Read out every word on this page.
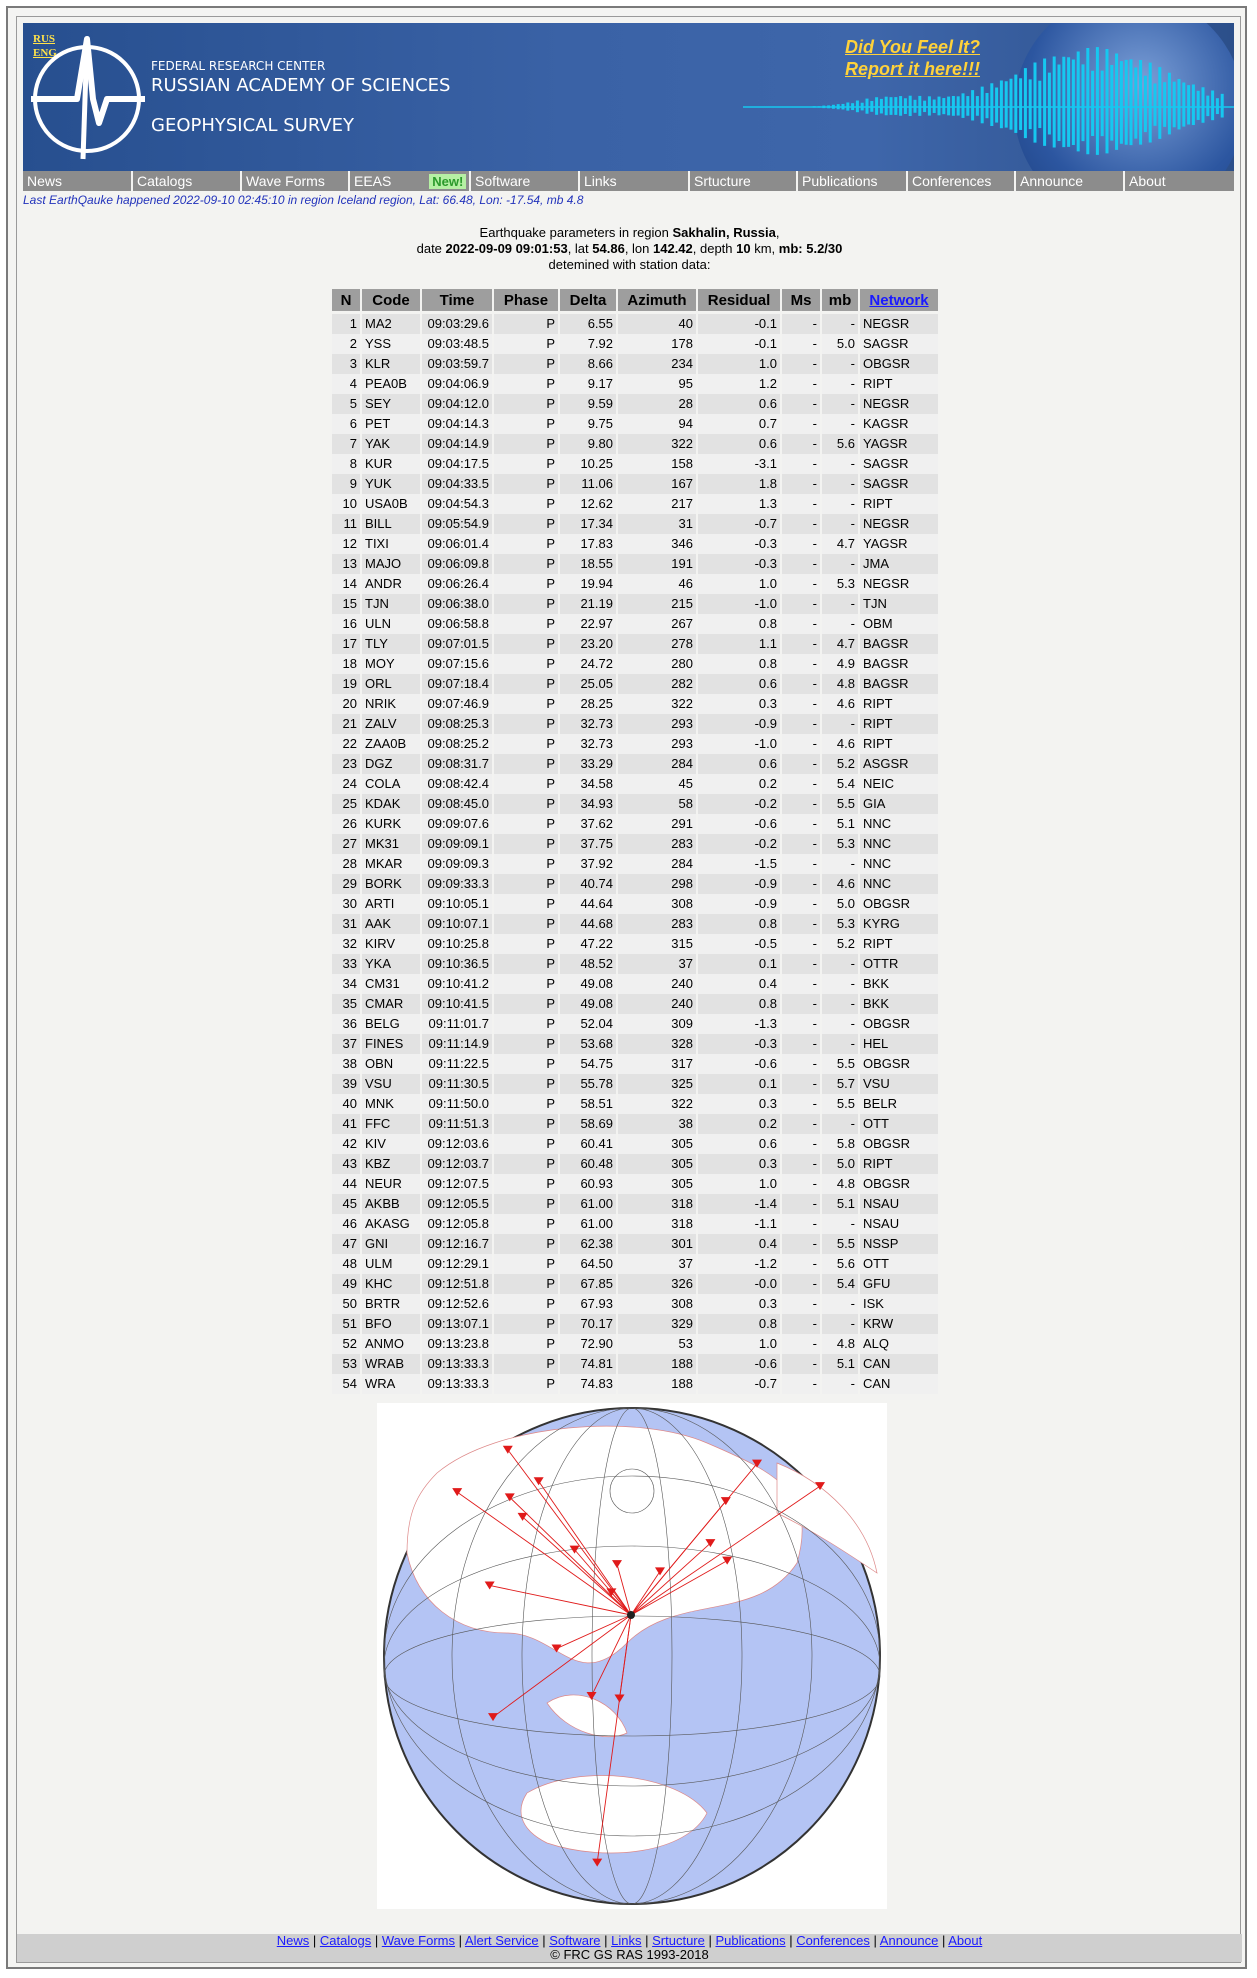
RUS
ENG
FEDERAL RESEARCH CENTER
RUSSIAN ACADEMY OF SCIENCES
GEOPHYSICAL SURVEY
Did You Feel It?
Report it here!!!
News	Catalogs	Wave Forms	EEAS	New! Software	Links	Srtucture	Publications	Conferences	Announce	About
Last EarthQauke happened 2022-09-10 02:45:10 in region Iceland region, Lat: 66.48, Lon: -17.54, mb 4.8
Earthquake parameters in region Sakhalin, Russia,
date 2022-09-09 09:01:53, lat 54.86, lon 142.42, depth 10 km, mb: 5.2/30
detemined with station data:
N	Code	Time	Phase	Delta	Azimuth	Residual	Ms	mb	Network
1	MA2	09:03:29.6	P	6.55	40	-0.1	-	-	NEGSR
2	YSS	09:03:48.5	P	7.92	178	-0.1	-	5.0	SAGSR
3	KLR	09:03:59.7	P	8.66	234	1.0	-	-	OBGSR
4	PEA0B	09:04:06.9	P	9.17	95	1.2	-	-	RIPT
5	SEY	09:04:12.0	P	9.59	28	0.6	-	-	NEGSR
6	PET	09:04:14.3	P	9.75	94	0.7	-	-	KAGSR
7	YAK	09:04:14.9	P	9.80	322	0.6	-	5.6	YAGSR
8	KUR	09:04:17.5	P	10.25	158	-3.1	-	-	SAGSR
9	YUK	09:04:33.5	P	11.06	167	1.8	-	-	SAGSR
10	USA0B	09:04:54.3	P	12.62	217	1.3	-	-	RIPT
11	BILL	09:05:54.9	P	17.34	31	-0.7	-	-	NEGSR
12	TIXI	09:06:01.4	P	17.83	346	-0.3	-	4.7	YAGSR
13	MAJO	09:06:09.8	P	18.55	191	-0.3	-	-	JMA
14	ANDR	09:06:26.4	P	19.94	46	1.0	-	5.3	NEGSR
15	TJN	09:06:38.0	P	21.19	215	-1.0	-	-	TJN
16	ULN	09:06:58.8	P	22.97	267	0.8	-	-	OBM
17	TLY	09:07:01.5	P	23.20	278	1.1	-	4.7	BAGSR
18	MOY	09:07:15.6	P	24.72	280	0.8	-	4.9	BAGSR
19	ORL	09:07:18.4	P	25.05	282	0.6	-	4.8	BAGSR
20	NRIK	09:07:46.9	P	28.25	322	0.3	-	4.6	RIPT
21	ZALV	09:08:25.3	P	32.73	293	-0.9	-	-	RIPT
22	ZAA0B	09:08:25.2	P	32.73	293	-1.0	-	4.6	RIPT
23	DGZ	09:08:31.7	P	33.29	284	0.6	-	5.2	ASGSR
24	COLA	09:08:42.4	P	34.58	45	0.2	-	5.4	NEIC
25	KDAK	09:08:45.0	P	34.93	58	-0.2	-	5.5	GIA
26	KURK	09:09:07.6	P	37.62	291	-0.6	-	5.1	NNC
27	MK31	09:09:09.1	P	37.75	283	-0.2	-	5.3	NNC
28	MKAR	09:09:09.3	P	37.92	284	-1.5	-	-	NNC
29	BORK	09:09:33.3	P	40.74	298	-0.9	-	4.6	NNC
30	ARTI	09:10:05.1	P	44.64	308	-0.9	-	5.0	OBGSR
31	AAK	09:10:07.1	P	44.68	283	0.8	-	5.3	KYRG
32	KIRV	09:10:25.8	P	47.22	315	-0.5	-	5.2	RIPT
33	YKA	09:10:36.5	P	48.52	37	0.1	-	-	OTTR
34	CM31	09:10:41.2	P	49.08	240	0.4	-	-	BKK
35	CMAR	09:10:41.5	P	49.08	240	0.8	-	-	BKK
36	BELG	09:11:01.7	P	52.04	309	-1.3	-	-	OBGSR
37	FINES	09:11:14.9	P	53.68	328	-0.3	-	-	HEL
38	OBN	09:11:22.5	P	54.75	317	-0.6	-	5.5	OBGSR
39	VSU	09:11:30.5	P	55.78	325	0.1	-	5.7	VSU
40	MNK	09:11:50.0	P	58.51	322	0.3	-	5.5	BELR
41	FFC	09:11:51.3	P	58.69	38	0.2	-	-	OTT
42	KIV	09:12:03.6	P	60.41	305	0.6	-	5.8	OBGSR
43	KBZ	09:12:03.7	P	60.48	305	0.3	-	5.0	RIPT
44	NEUR	09:12:07.5	P	60.93	305	1.0	-	4.8	OBGSR
45	AKBB	09:12:05.5	P	61.00	318	-1.4	-	5.1	NSAU
46	AKASG	09:12:05.8	P	61.00	318	-1.1	-	-	NSAU
47	GNI	09:12:16.7	P	62.38	301	0.4	-	5.5	NSSP
48	ULM	09:12:29.1	P	64.50	37	-1.2	-	5.6	OTT
49	KHC	09:12:51.8	P	67.85	326	-0.0	-	5.4	GFU
50	BRTR	09:12:52.6	P	67.93	308	0.3	-	-	ISK
51	BFO	09:13:07.1	P	70.17	329	0.8	-	-	KRW
52	ANMO	09:13:23.8	P	72.90	53	1.0	-	4.8	ALQ
53	WRAB	09:13:33.3	P	74.81	188	-0.6	-	5.1	CAN
54	WRA	09:13:33.3	P	74.83	188	-0.7	-	-	CAN
News | Catalogs | Wave Forms | Alert Service | Software | Links | Srtucture | Publications | Conferences | Announce | About
© FRC GS RAS 1993-2018
